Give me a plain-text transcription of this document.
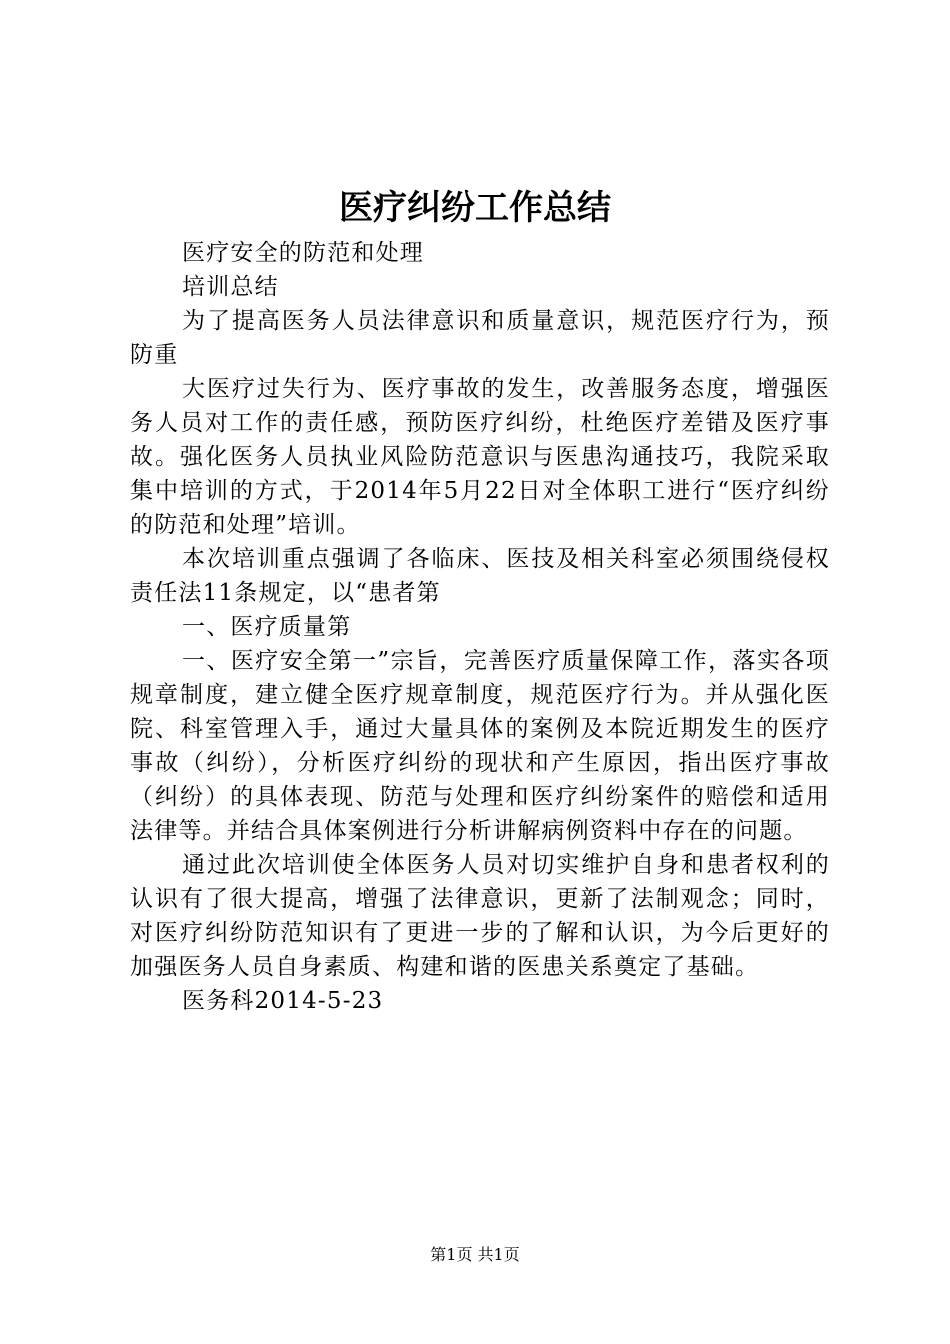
医疗纠纷工作总结

医疗安全的防范和处理

培训总结

为了提高医务人员法律意识和质量意识，规范医疗行为，预防重

大医疗过失行为、医疗事故的发生，改善服务态度，增强医务人员对工作的责任感，预防医疗纠纷，杜绝医疗差错及医疗事故。强化医务人员执业风险防范意识与医患沟通技巧，我院采取集中培训的方式，于2014年5月22日对全体职工进行“医疗纠纷的防范和处理”培训。

本次培训重点强调了各临床、医技及相关科室必须围绕侵权责任法11条规定，以“患者第

一、医疗质量第

一、医疗安全第一”宗旨，完善医疗质量保障工作，落实各项规章制度，建立健全医疗规章制度，规范医疗行为。并从强化医院、科室管理入手，通过大量具体的案例及本院近期发生的医疗事故（纠纷），分析医疗纠纷的现状和产生原因，指出医疗事故（纠纷）的具体表现、防范与处理和医疗纠纷案件的赔偿和适用法律等。并结合具体案例进行分析讲解病例资料中存在的问题。

通过此次培训使全体医务人员对切实维护自身和患者权利的认识有了很大提高，增强了法律意识，更新了法制观念；同时，对医疗纠纷防范知识有了更进一步的了解和认识，为今后更好的加强医务人员自身素质、构建和谐的医患关系奠定了基础。

医务科2014-5-23

第1页 共1页
